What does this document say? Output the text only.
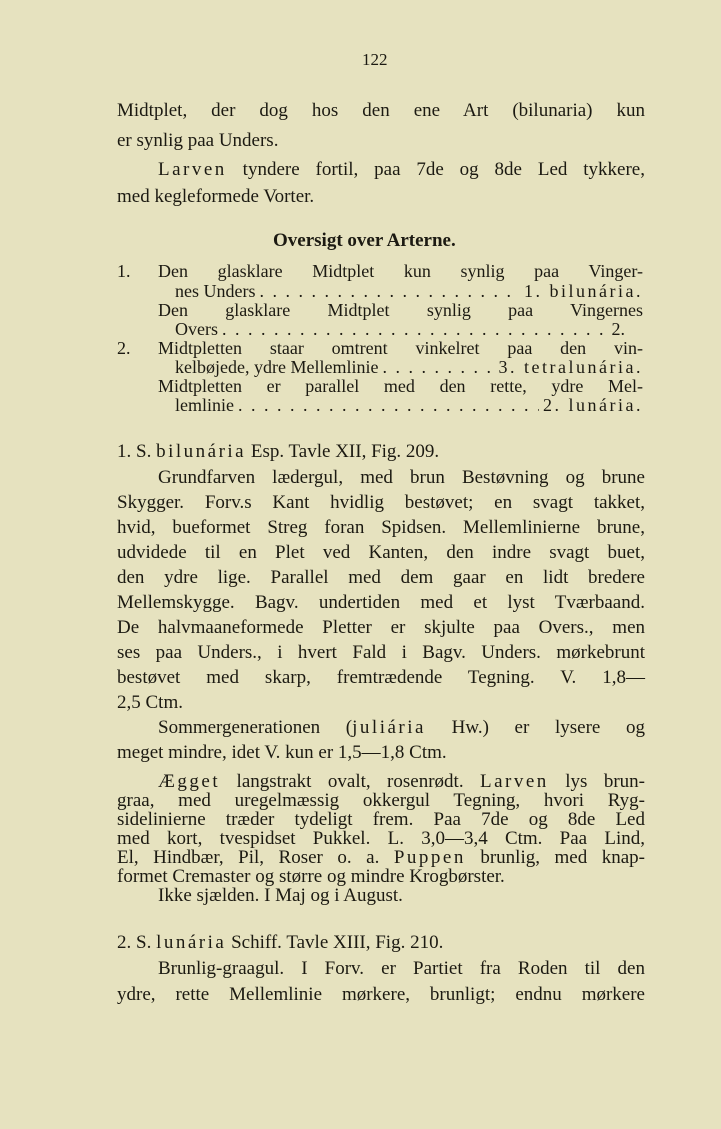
122
Midtplet, der dog hos den ene Art (bilunaria) kun
er synlig paa Unders.
Larven tyndere fortil, paa 7de og 8de Led tykkere,
med kegleformede Vorter.
Oversigt over Arterne.
1. Den glasklare Midtplet kun synlig paa Vinger-
nes Unders . . .	1. bilunária.
Den glasklare Midtplet synlig paa Vingernes
Overs . . .	2.
2. Midtpletten staar omtrent vinkelret paa den vin-
kelbøjede, ydre Mellemlinie . . .	3. tetralunária.
Midtpletten er parallel med den rette, ydre Mel-
lemlinie . . .	2. lunária.
1. S. bilunária Esp. Tavle XII, Fig. 209.
Grundfarven lædergul, med brun Bestøvning og brune
Skygger. Forv.s Kant hvidlig bestøvet; en svagt takket,
hvid, bueformet Streg foran Spidsen. Mellemlinierne brune,
udvidede til en Plet ved Kanten, den indre svagt buet,
den ydre lige. Parallel med dem gaar en lidt bredere
Mellemskygge. Bagv. undertiden med et lyst Tværbaand.
De halvmaaneformede Pletter er skjulte paa Overs., men
ses paa Unders., i hvert Fald i Bagv. Unders. mørkebrunt
bestøvet med skarp, fremtrædende Tegning. V. 1,8—
2,5 Ctm.
Sommergenerationen (juliária Hw.) er lysere og
meget mindre, idet V. kun er 1,5—1,8 Ctm.
Ægget langstrakt ovalt, rosenrødt. Larven lys brun-
graa, med uregelmæssig okkergul Tegning, hvori Ryg-
sidelinierne træder tydeligt frem. Paa 7de og 8de Led
med kort, tvespidset Pukkel. L. 3,0—3,4 Ctm. Paa Lind,
El, Hindbær, Pil, Roser o. a. Puppen brunlig, med knap-
formet Cremaster og større og mindre Krogbørster.
Ikke sjælden. I Maj og i August.
2. S. lunária Schiff. Tavle XIII, Fig. 210.
Brunlig-graagul. I Forv. er Partiet fra Roden til den
ydre, rette Mellemlinie mørkere, brunligt; endnu mørkere
